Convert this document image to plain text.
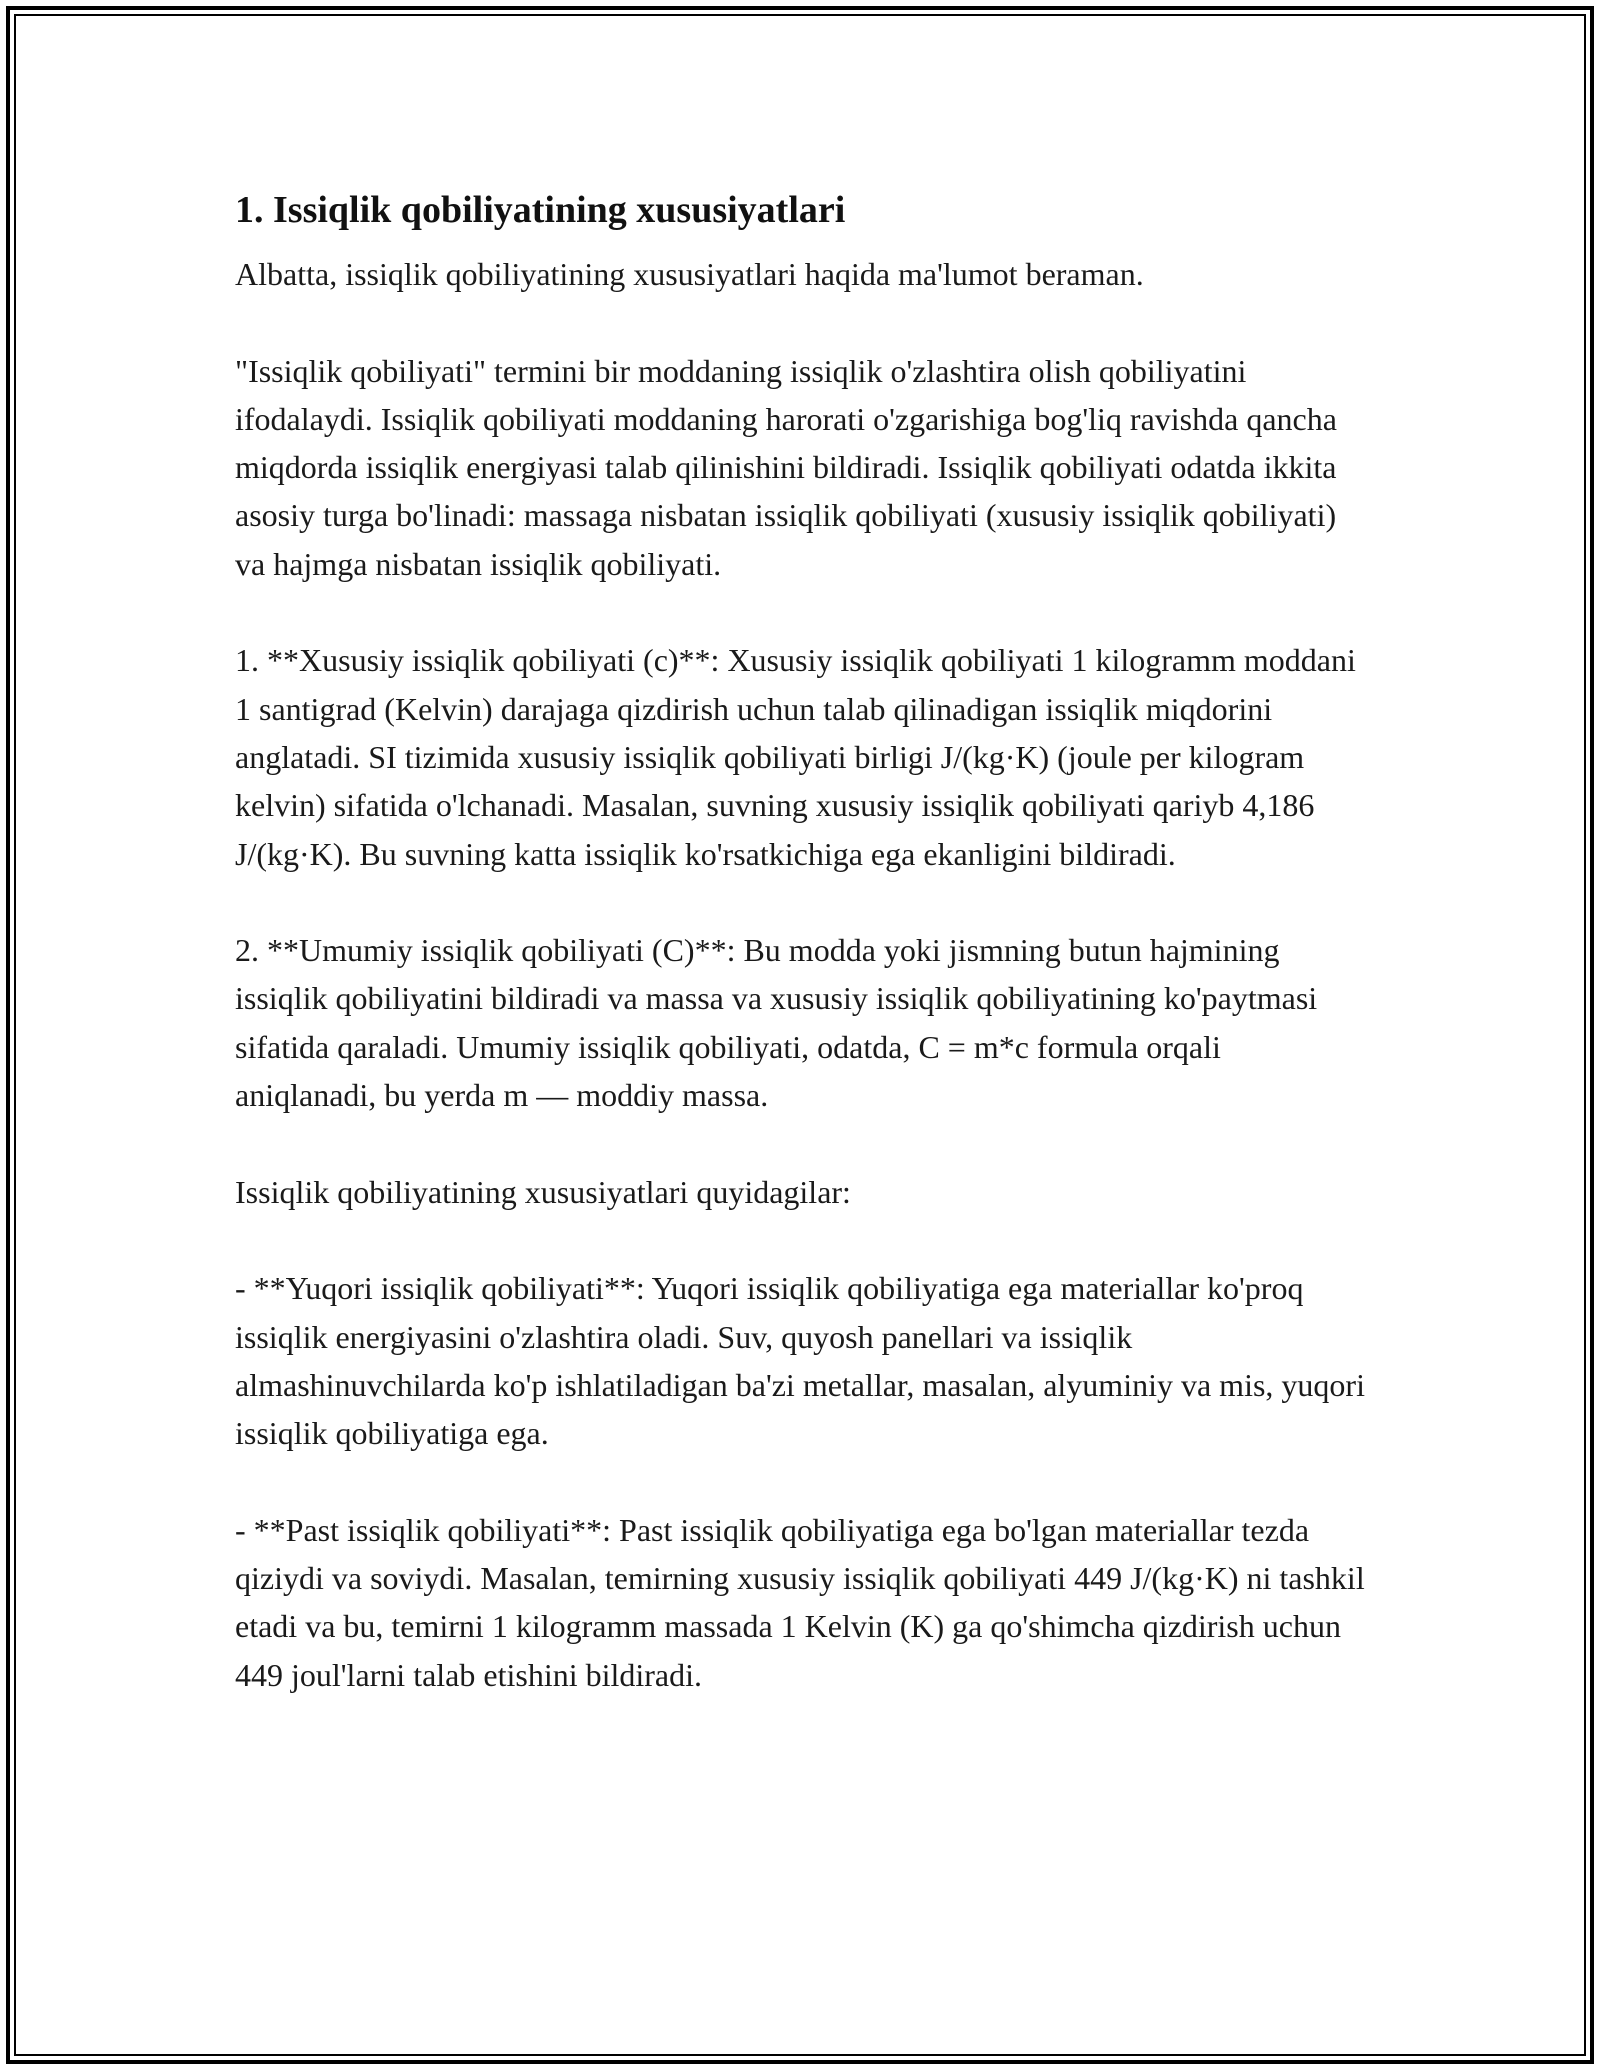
1. Issiqlik qobiliyatining xususiyatlari

Albatta, issiqlik qobiliyatining xususiyatlari haqida ma'lumot beraman.

"Issiqlik qobiliyati" termini bir moddaning issiqlik o'zlashtira olish qobiliyatini ifodalaydi. Issiqlik qobiliyati moddaning harorati o'zgarishiga bog'liq ravishda qancha miqdorda issiqlik energiyasi talab qilinishini bildiradi. Issiqlik qobiliyati odatda ikkita asosiy turga bo'linadi: massaga nisbatan issiqlik qobiliyati (xususiy issiqlik qobiliyati) va hajmga nisbatan issiqlik qobiliyati.

1. **Xususiy issiqlik qobiliyati (c)**: Xususiy issiqlik qobiliyati 1 kilogramm moddani 1 santigrad (Kelvin) darajaga qizdirish uchun talab qilinadigan issiqlik miqdorini anglatadi. SI tizimida xususiy issiqlik qobiliyati birligi J/(kg·K) (joule per kilogram kelvin) sifatida o'lchanadi. Masalan, suvning xususiy issiqlik qobiliyati qariyb 4,186 J/(kg·K). Bu suvning katta issiqlik ko'rsatkichiga ega ekanligini bildiradi.

2. **Umumiy issiqlik qobiliyati (C)**: Bu modda yoki jismning butun hajmining issiqlik qobiliyatini bildiradi va massa va xususiy issiqlik qobiliyatining ko'paytmasi sifatida qaraladi. Umumiy issiqlik qobiliyati, odatda, C = m*c formula orqali aniqlanadi, bu yerda m — moddiy massa.

Issiqlik qobiliyatining xususiyatlari quyidagilar:

- **Yuqori issiqlik qobiliyati**: Yuqori issiqlik qobiliyatiga ega materiallar ko'proq issiqlik energiyasini o'zlashtira oladi. Suv, quyosh panellari va issiqlik almashinuvchilarda ko'p ishlatiladigan ba'zi metallar, masalan, alyuminiy va mis, yuqori issiqlik qobiliyatiga ega.

- **Past issiqlik qobiliyati**: Past issiqlik qobiliyatiga ega bo'lgan materiallar tezda qiziydi va soviydi. Masalan, temirning xususiy issiqlik qobiliyati 449 J/(kg·K) ni tashkil etadi va bu, temirni 1 kilogramm massada 1 Kelvin (K) ga qo'shimcha qizdirish uchun 449 joul'larni talab etishini bildiradi.
